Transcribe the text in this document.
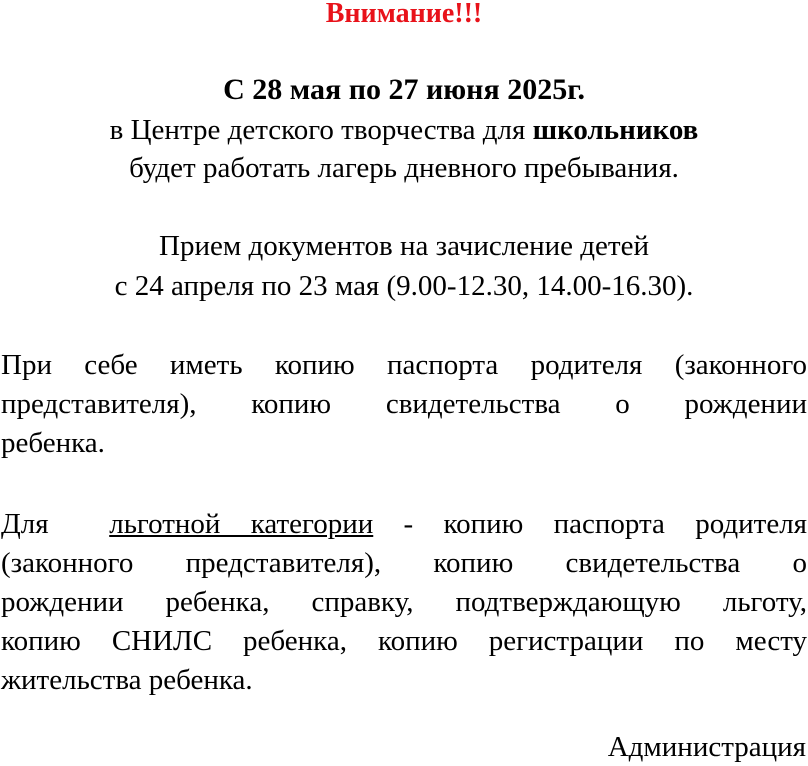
Внимание!!!

С 28 мая по 27 июня 2025г.

в Центре детского творчества для школьников

будет работать лагерь дневного пребывания.

Прием документов на зачисление детей

с 24 апреля по 23 мая (9.00-12.30, 14.00-16.30).

При себе иметь копию паспорта родителя (законного
представителя), копию свидетельства о рождении
ребенка.
Для  льготной категории - копию паспорта родителя
(законного представителя), копию свидетельства о
рождении ребенка, справку, подтверждающую льготу,
копию СНИЛС ребенка, копию регистрации по месту
жительства ребенка.

Администрация
